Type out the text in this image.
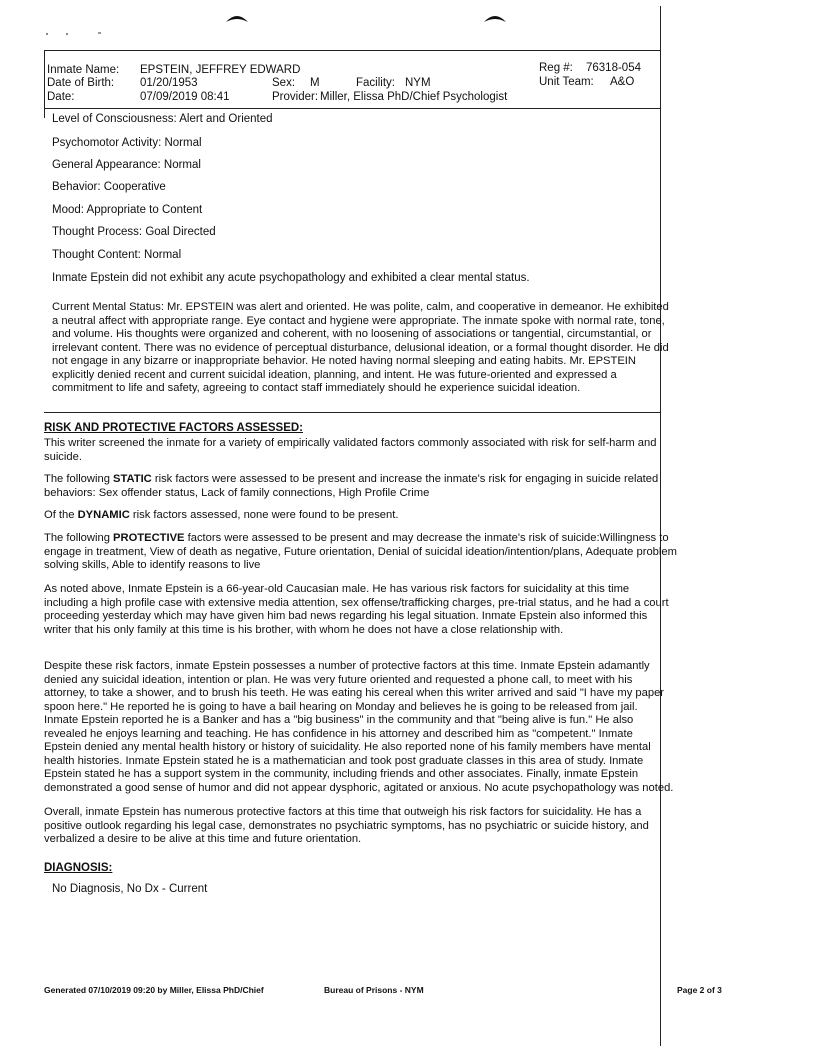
Inmate Name: EPSTEIN, JEFFREY EDWARD	Reg #: 76318-054
Date of Birth: 01/20/1953	Sex: M	Facility: NYM	Unit Team: A&O
Date:	07/09/2019 08:41	Provider: Miller, Elissa PhD/Chief Psychologist
Level of Consciousness: Alert and Oriented
Psychomotor Activity: Normal
General Appearance: Normal
Behavior: Cooperative
Mood: Appropriate to Content
Thought Process: Goal Directed
Thought Content: Normal
Inmate Epstein did not exhibit any acute psychopathology and exhibited a clear mental status.
Current Mental Status: Mr. EPSTEIN was alert and oriented. He was polite, calm, and cooperative in demeanor. He exhibited
a neutral affect with appropriate range. Eye contact and hygiene were appropriate. The inmate spoke with normal rate, tone,
and volume. His thoughts were organized and coherent, with no loosening of associations or tangential, circumstantial, or
irrelevant content. There was no evidence of perceptual disturbance, delusional ideation, or a formal thought disorder. He did
not engage in any bizarre or inappropriate behavior. He noted having normal sleeping and eating habits. Mr. EPSTEIN
explicitly denied recent and current suicidal ideation, planning, and intent. He was future-oriented and expressed a
commitment to life and safety, agreeing to contact staff immediately should he experience suicidal ideation.
RISK AND PROTECTIVE FACTORS ASSESSED:
This writer screened the inmate for a variety of empirically validated factors commonly associated with risk for self-harm and
suicide.
The following STATIC risk factors were assessed to be present and increase the inmate's risk for engaging in suicide related
behaviors: Sex offender status, Lack of family connections, High Profile Crime
Of the DYNAMIC risk factors assessed, none were found to be present.
The following PROTECTIVE factors were assessed to be present and may decrease the inmate's risk of suicide:Willingness to
engage in treatment, View of death as negative, Future orientation, Denial of suicidal ideation/intention/plans, Adequate problem
solving skills, Able to identify reasons to live
As noted above, Inmate Epstein is a 66-year-old Caucasian male. He has various risk factors for suicidality at this time
including a high profile case with extensive media attention, sex offense/trafficking charges, pre-trial status, and he had a court
proceeding yesterday which may have given him bad news regarding his legal situation. Inmate Epstein also informed this
writer that his only family at this time is his brother, with whom he does not have a close relationship with.
Despite these risk factors, inmate Epstein possesses a number of protective factors at this time. Inmate Epstein adamantly
denied any suicidal ideation, intention or plan. He was very future oriented and requested a phone call, to meet with his
attorney, to take a shower, and to brush his teeth. He was eating his cereal when this writer arrived and said "I have my paper
spoon here." He reported he is going to have a bail hearing on Monday and believes he is going to be released from jail.
Inmate Epstein reported he is a Banker and has a "big business" in the community and that "being alive is fun." He also
revealed he enjoys learning and teaching. He has confidence in his attorney and described him as "competent." Inmate
Epstein denied any mental health history or history of suicidality. He also reported none of his family members have mental
health histories. Inmate Epstein stated he is a mathematician and took post graduate classes in this area of study. Inmate
Epstein stated he has a support system in the community, including friends and other associates. Finally, inmate Epstein
demonstrated a good sense of humor and did not appear dysphoric, agitated or anxious. No acute psychopathology was noted.
Overall, inmate Epstein has numerous protective factors at this time that outweigh his risk factors for suicidality. He has a
positive outlook regarding his legal case, demonstrates no psychiatric symptoms, has no psychiatric or suicide history, and
verbalized a desire to be alive at this time and future orientation.
DIAGNOSIS:
No Diagnosis, No Dx - Current
Generated 07/10/2019 09:20 by Miller, Elissa PhD/Chief	Bureau of Prisons - NYM	Page 2 of 3
